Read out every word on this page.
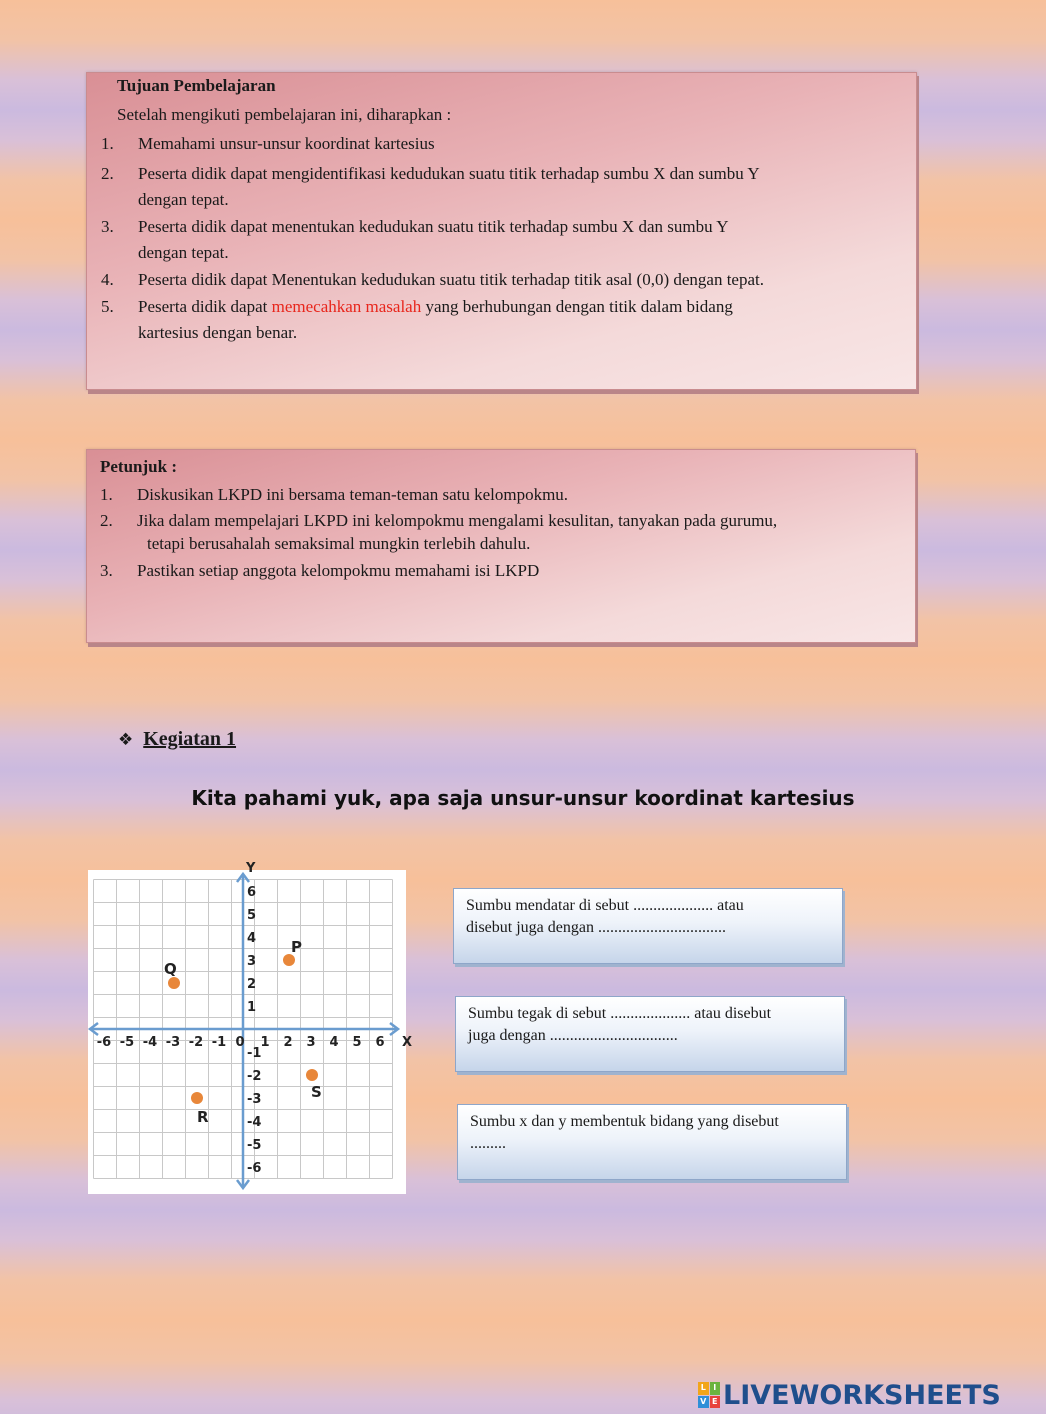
Tujuan Pembelajaran
Setelah mengikuti pembelajaran ini, diharapkan :
1. Memahami unsur-unsur koordinat kartesius
2. Peserta didik dapat mengidentifikasi kedudukan suatu titik terhadap sumbu X dan sumbu Y
dengan tepat.
3. Peserta didik dapat menentukan kedudukan suatu titik terhadap sumbu X dan sumbu Y
dengan tepat.
4. Peserta didik dapat Menentukan kedudukan suatu titik terhadap titik asal (0,0) dengan tepat.
5. Peserta didik dapat memecahkan masalah yang berhubungan dengan titik dalam bidang
kartesius dengan benar.
Petunjuk :
1. Diskusikan LKPD ini bersama teman-teman satu kelompokmu.
2. Jika dalam mempelajari LKPD ini kelompokmu mengalami kesulitan, tanyakan pada gurumu,
tetapi berusahalah semaksimal mungkin terlebih dahulu.
3. Pastikan setiap anggota kelompokmu memahami isi LKPD
❖ Kegiatan 1
Kita pahami yuk, apa saja unsur-unsur koordinat kartesius
-6 -5 -4 -3 -2 -1 0 1 2 3 4 5 6
6
5
4
3
2
1
-1
-2
-3
-4
-5
-6
X
Y
P
Q
R
S
Sumbu mendatar di sebut .................... atau
disebut juga dengan ................................
Sumbu tegak di sebut .................... atau disebut
juga dengan ................................
Sumbu x dan y membentuk bidang yang disebut
.........
L I
V E LIVEWORKSHEETS
